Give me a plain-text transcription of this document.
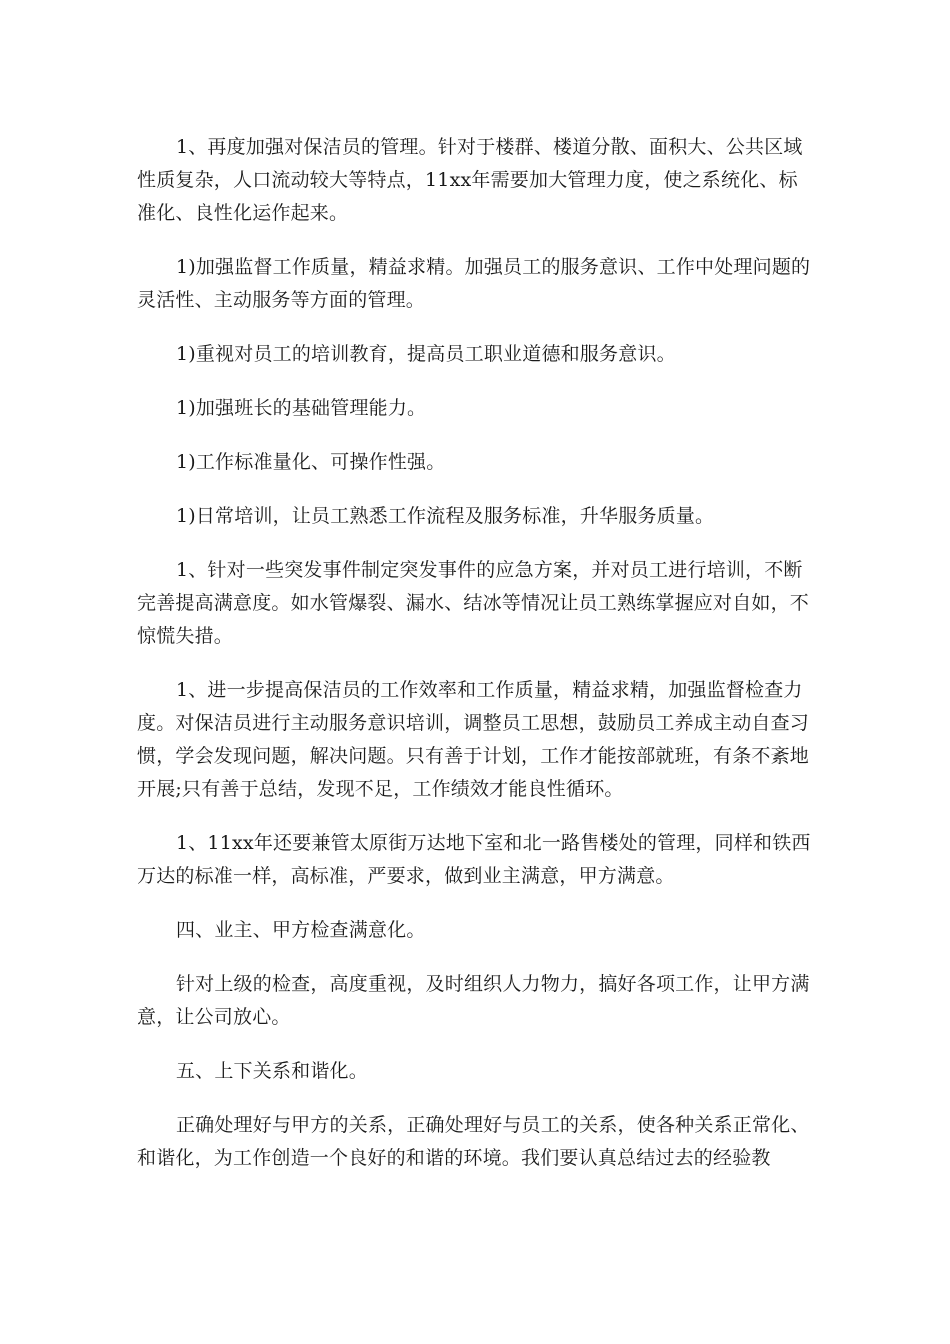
1、再度加强对保洁员的管理。针对于楼群、楼道分散、面积大、公共区域性质复杂，人口流动较大等特点，11xx年需要加大管理力度，使之系统化、标准化、良性化运作起来。

1)加强监督工作质量，精益求精。加强员工的服务意识、工作中处理问题的灵活性、主动服务等方面的管理。

1)重视对员工的培训教育，提高员工职业道德和服务意识。

1)加强班长的基础管理能力。

1)工作标准量化、可操作性强。

1)日常培训，让员工熟悉工作流程及服务标准，升华服务质量。

1、针对一些突发事件制定突发事件的应急方案，并对员工进行培训，不断完善提高满意度。如水管爆裂、漏水、结冰等情况让员工熟练掌握应对自如，不惊慌失措。

1、进一步提高保洁员的工作效率和工作质量，精益求精，加强监督检查力度。对保洁员进行主动服务意识培训，调整员工思想，鼓励员工养成主动自查习惯，学会发现问题，解决问题。只有善于计划，工作才能按部就班，有条不紊地开展;只有善于总结，发现不足，工作绩效才能良性循环。

1、11xx年还要兼管太原街万达地下室和北一路售楼处的管理，同样和铁西万达的标准一样，高标准，严要求，做到业主满意，甲方满意。

四、业主、甲方检查满意化。

针对上级的检查，高度重视，及时组织人力物力，搞好各项工作，让甲方满意，让公司放心。

五、上下关系和谐化。

正确处理好与甲方的关系，正确处理好与员工的关系，使各种关系正常化、和谐化，为工作创造一个良好的和谐的环境。我们要认真总结过去的经验教
